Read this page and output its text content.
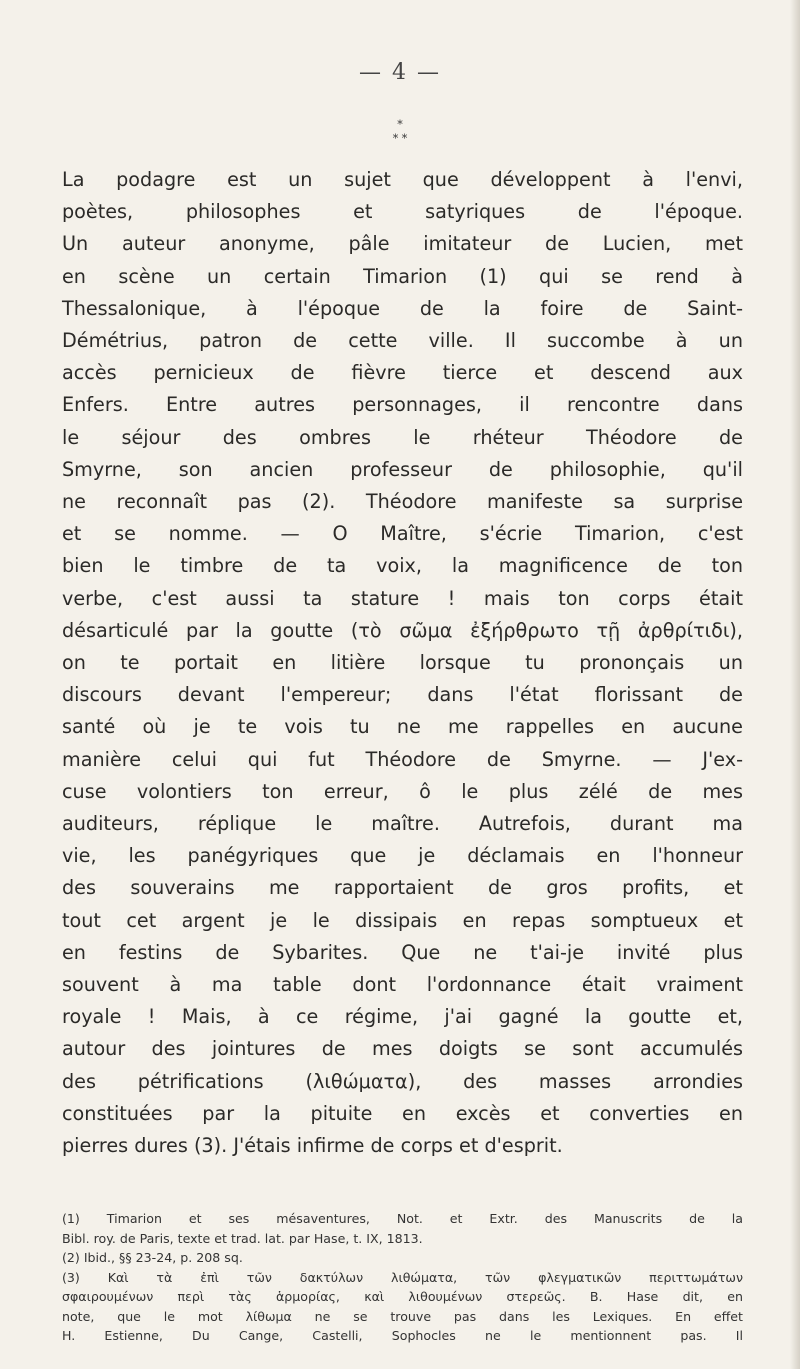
— 4 —
*
* *
La podagre est un sujet que développent à l'envi,
poètes, philosophes et satyriques de l'époque.
Un auteur anonyme, pâle imitateur de Lucien, met
en scène un certain Timarion (1) qui se rend à
Thessalonique, à l'époque de la foire de Saint-
Démétrius, patron de cette ville. Il succombe à un
accès pernicieux de fièvre tierce et descend aux
Enfers. Entre autres personnages, il rencontre dans
le séjour des ombres le rhéteur Théodore de
Smyrne, son ancien professeur de philosophie, qu'il
ne reconnaît pas (2). Théodore manifeste sa surprise
et se nomme. — O Maître, s'écrie Timarion, c'est
bien le timbre de ta voix, la magnificence de ton
verbe, c'est aussi ta stature ! mais ton corps était
désarticulé par la goutte (τὸ σῶμα ἐξήρθρωτο τῇ ἀρθρίτιδι),
on te portait en litière lorsque tu prononçais un
discours devant l'empereur; dans l'état florissant de
santé où je te vois tu ne me rappelles en aucune
manière celui qui fut Théodore de Smyrne. — J'ex-
cuse volontiers ton erreur, ô le plus zélé de mes
auditeurs, réplique le maître. Autrefois, durant ma
vie, les panégyriques que je déclamais en l'honneur
des souverains me rapportaient de gros profits, et
tout cet argent je le dissipais en repas somptueux et
en festins de Sybarites. Que ne t'ai-je invité plus
souvent à ma table dont l'ordonnance était vraiment
royale ! Mais, à ce régime, j'ai gagné la goutte et,
autour des jointures de mes doigts se sont accumulés
des pétrifications (λιθώματα), des masses arrondies
constituées par la pituite en excès et converties en
pierres dures (3). J'étais infirme de corps et d'esprit.
(1) Timarion et ses mésaventures, Not. et Extr. des Manuscrits de la
Bibl. roy. de Paris, texte et trad. lat. par Hase, t. IX, 1813.
(2) Ibid., §§ 23-24, p. 208 sq.
(3) Καὶ τὰ ἐπὶ τῶν δακτύλων λιθώματα, τῶν φλεγματικῶν περιττωμάτων
σφαιρουμένων περὶ τὰς ἁρμορίας, καὶ λιθουμένων στερεῶς. B. Hase dit, en
note, que le mot λίθωμα ne se trouve pas dans les Lexiques. En effet
H. Estienne, Du Cange, Castelli, Sophocles ne le mentionnent pas. Il
